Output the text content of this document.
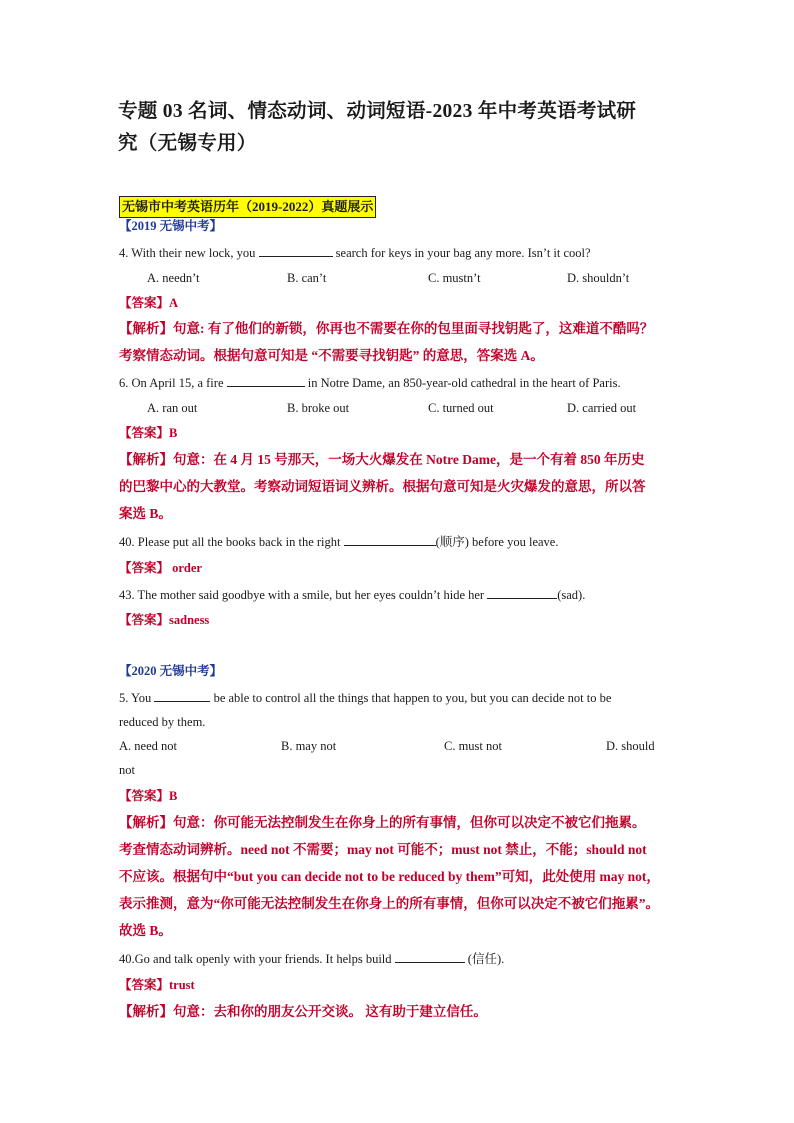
专题 03 名词、情态动词、动词短语-2023 年中考英语考试研
究（无锡专用）
无锡市中考英语历年（2019-2022）真题展示
【2019 无锡中考】
4. With their new lock, you	search for keys in your bag any more. Isn’t it cool?
A. needn’t	B. can’t	C. mustn’t	D. shouldn’t
【答案】A
【解析】句意: 有了他们的新锁，你再也不需要在你的包里面寻找钥匙了，这难道不酷吗？
考察情态动词。根据句意可知是 “不需要寻找钥匙” 的意思，答案选 A。
6. On April 15, a fire	in Notre Dame, an 850-year-old cathedral in the heart of Paris.
A. ran out	B. broke out	C. turned out	D. carried out
【答案】B
【解析】句意：在 4 月 15 号那天，一场大火爆发在 Notre Dame，是一个有着 850 年历史
的巴黎中心的大教堂。考察动词短语词义辨析。根据句意可知是火灾爆发的意思，所以答
案选 B。
40. Please put all the books back in the right	(顺序) before you leave.
【答案】 order
43. The mother said goodbye with a smile, but her eyes couldn’t hide her	(sad).
【答案】sadness
【2020 无锡中考】
5. You	be able to control all the things that happen to you, but you can decide not to be
reduced by them.
A. need not	B. may not	C. must not	D. should
not
【答案】B
【解析】句意：你可能无法控制发生在你身上的所有事情，但你可以决定不被它们拖累。
考查情态动词辨析。need not 不需要；may not 可能不；must not 禁止，不能；should not
不应该。根据句中“but you can decide not to be reduced by them”可知，此处使用 may not，
表示推测，意为“你可能无法控制发生在你身上的所有事情，但你可以决定不被它们拖累”。
故选 B。
40.Go and talk openly with your friends. It helps build	(信任).
【答案】trust
【解析】句意：去和你的朋友公开交谈。 这有助于建立信任。
